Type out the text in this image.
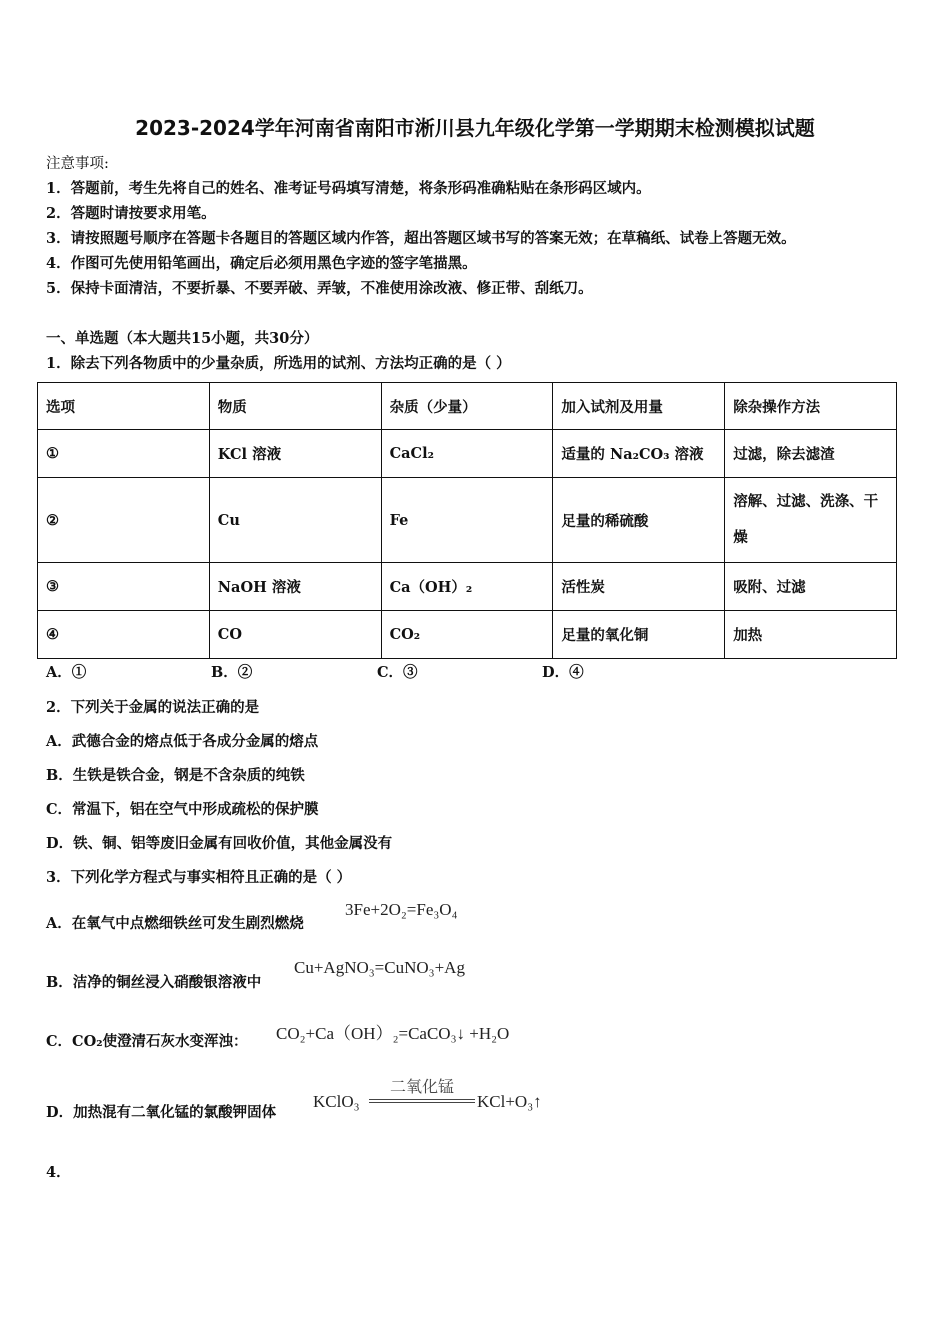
2023-2024学年河南省南阳市淅川县九年级化学第一学期期末检测模拟试题
注意事项:
1．答题前，考生先将自己的姓名、准考证号码填写清楚，将条形码准确粘贴在条形码区域内。
2．答题时请按要求用笔。
3．请按照题号顺序在答题卡各题目的答题区域内作答，超出答题区域书写的答案无效；在草稿纸、试卷上答题无效。
4．作图可先使用铅笔画出，确定后必须用黑色字迹的签字笔描黑。
5．保持卡面清洁，不要折暴、不要弄破、弄皱，不准使用涂改液、修正带、刮纸刀。
一、单选题（本大题共15小题，共30分）
1．除去下列各物质中的少量杂质，所选用的试剂、方法均正确的是（ ）
选项	物质	杂质（少量）	加入试剂及用量	除杂操作方法
①	KCl 溶液	CaCl₂	适量的 Na₂CO₃ 溶液	过滤，除去滤渣
②	Cu	Fe	足量的稀硫酸	溶解、过滤、洗涤、干燥
③	NaOH 溶液	Ca（OH）₂	活性炭	吸附、过滤
④	CO	CO₂	足量的氧化铜	加热
A．①	B．②	C．③	D．④
2．下列关于金属的说法正确的是
A．武德合金的熔点低于各成分金属的熔点
B．生铁是铁合金，钢是不含杂质的纯铁
C．常温下，铝在空气中形成疏松的保护膜
D．铁、铜、铝等废旧金属有回收价值，其他金属没有
3．下列化学方程式与事实相符且正确的是（ ）
A．在氧气中点燃细铁丝可发生剧烈燃烧
3Fe+2O₂=Fe₃O₄
B．洁净的铜丝浸入硝酸银溶液中
Cu+AgNO₃=CuNO₃+Ag
C．CO₂使澄清石灰水变浑浊： CO₂+Ca（OH）₂=CaCO₃↓ +H₂O
D．加热混有二氧化锰的氯酸钾固体
KClO₃
二氧化锰
KCl+O₃↑
4．
